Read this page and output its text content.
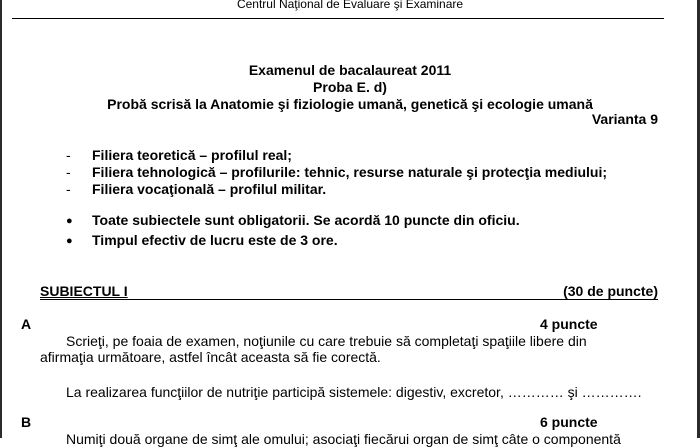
Centrul Naţional de Evaluare şi Examinare
Examenul de bacalaureat 2011
Proba E. d)
Probă scrisă la Anatomie şi fiziologie umană, genetică şi ecologie umană
Varianta 9
- Filiera teoretică – profilul real;
- Filiera tehnologică – profilurile: tehnic, resurse naturale şi protecţia mediului;
- Filiera vocaţională – profilul militar.
● Toate subiectele sunt obligatorii. Se acordă 10 puncte din oficiu.
● Timpul efectiv de lucru este de 3 ore.
SUBIECTUL I	(30 de puncte)
A	4 puncte
Scrieţi, pe foaia de examen, noţiunile cu care trebuie să completaţi spaţiile libere din
afirmaţia următoare, astfel încât aceasta să fie corectă.
La realizarea funcţiilor de nutriţie participă sistemele: digestiv, excretor, ………… şi ………….
B	6 puncte
Numiţi două organe de simţ ale omului; asociaţi fiecărui organ de simţ câte o componentă
